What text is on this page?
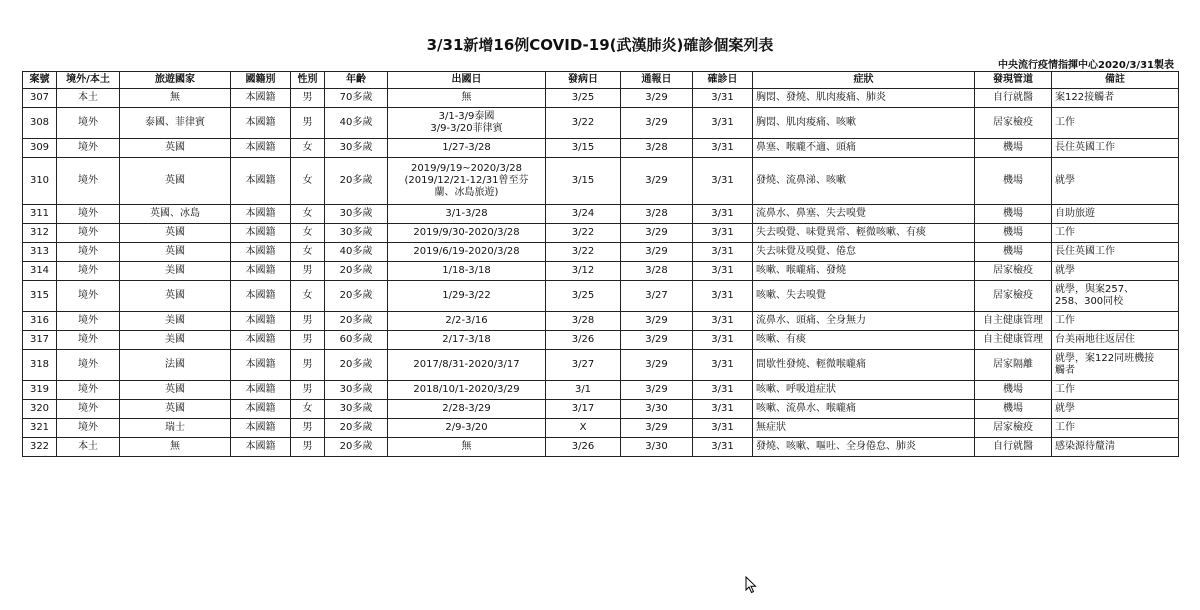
3/31新增16例COVID-19(武漢肺炎)確診個案列表
中央流行疫情指揮中心2020/3/31製表
案號	境外/本土	旅遊國家	國籍別	性別	年齡	出國日	發病日	通報日	確診日	症狀	發現管道	備註
307	本土	無	本國籍	男	70多歲	無	3/25	3/29	3/31	胸悶、發燒、肌肉痠痛、肺炎	自行就醫	案122接觸者
308	境外	泰國、菲律賓	本國籍	男	40多歲	3/1-3/9泰國
3/9-3/20菲律賓	3/22	3/29	3/31	胸悶、肌肉痠痛、咳嗽	居家檢疫	工作
309	境外	英國	本國籍	女	30多歲	1/27-3/28	3/15	3/28	3/31	鼻塞、喉嚨不適、頭痛	機場	長住英國工作
310	境外	英國	本國籍	女	20多歲	2019/9/19~2020/3/28
(2019/12/21-12/31曾至芬
蘭、冰島旅遊)	3/15	3/29	3/31	發燒、流鼻涕、咳嗽	機場	就學
311	境外	英國、冰島	本國籍	女	30多歲	3/1-3/28	3/24	3/28	3/31	流鼻水、鼻塞、失去嗅覺	機場	自助旅遊
312	境外	英國	本國籍	女	30多歲	2019/9/30-2020/3/28	3/22	3/29	3/31	失去嗅覺、味覺異常、輕微咳嗽、有痰	機場	工作
313	境外	英國	本國籍	女	40多歲	2019/6/19-2020/3/28	3/22	3/29	3/31	失去味覺及嗅覺、倦怠	機場	長住英國工作
314	境外	美國	本國籍	男	20多歲	1/18-3/18	3/12	3/28	3/31	咳嗽、喉嚨痛、發燒	居家檢疫	就學
315	境外	英國	本國籍	女	20多歲	1/29-3/22	3/25	3/27	3/31	咳嗽、失去嗅覺	居家檢疫	就學，與案257、
258、300同校
316	境外	美國	本國籍	男	20多歲	2/2-3/16	3/28	3/29	3/31	流鼻水、頭痛、全身無力	自主健康管理	工作
317	境外	美國	本國籍	男	60多歲	2/17-3/18	3/26	3/29	3/31	咳嗽、有痰	自主健康管理	台美兩地往返居住
318	境外	法國	本國籍	男	20多歲	2017/8/31-2020/3/17	3/27	3/29	3/31	間歇性發燒、輕微喉嚨痛	居家隔離	就學，案122同班機接
觸者
319	境外	英國	本國籍	男	30多歲	2018/10/1-2020/3/29	3/1	3/29	3/31	咳嗽、呼吸道症狀	機場	工作
320	境外	英國	本國籍	女	30多歲	2/28-3/29	3/17	3/30	3/31	咳嗽、流鼻水、喉嚨痛	機場	就學
321	境外	瑞士	本國籍	男	20多歲	2/9-3/20	X	3/29	3/31	無症狀	居家檢疫	工作
322	本土	無	本國籍	男	20多歲	無	3/26	3/30	3/31	發燒、咳嗽、嘔吐、全身倦怠、肺炎	自行就醫	感染源待釐清
